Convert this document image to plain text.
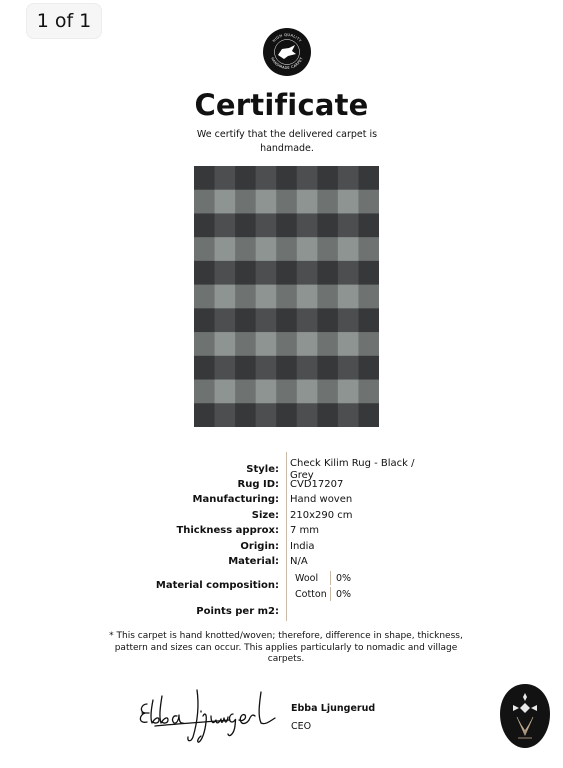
1 of 1
HIGH QUALITY
HANDMADE CARPET
Certificate
We certify that the delivered carpet is handmade.
Style:
Check Kilim Rug - Black / Grey
Rug ID: CVD17207
Manufacturing: Hand woven
Size: 210x290 cm
Thickness approx: 7 mm
Origin: India
Material: N/A
Material composition:
Wool 0%
Cotton 0%
Points per m2:
* This carpet is hand knotted/woven; therefore, difference in shape, thickness, pattern and sizes can occur. This applies particularly to nomadic and village carpets.
Ebba Ljungerud
CEO
